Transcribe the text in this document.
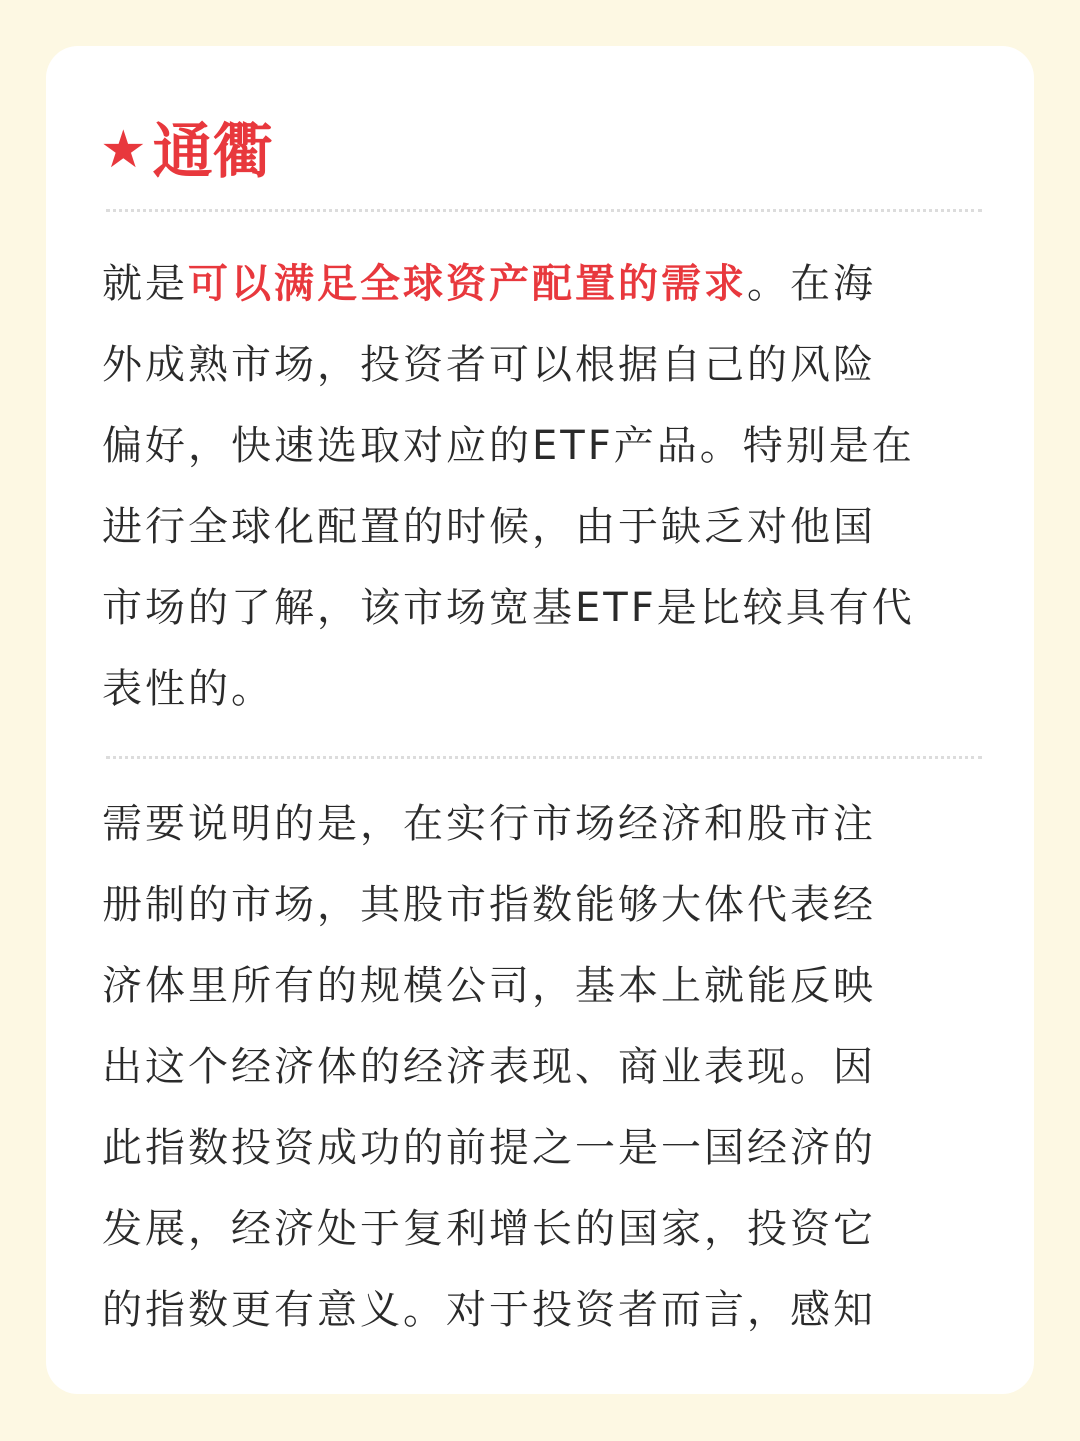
★ 通衢
就是可以满足全球资产配置的需求。在海
外成熟市场，投资者可以根据自己的风险
偏好，快速选取对应的ETF产品。特别是在
进行全球化配置的时候，由于缺乏对他国
市场的了解，该市场宽基ETF是比较具有代
表性的。
需要说明的是，在实行市场经济和股市注
册制的市场，其股市指数能够大体代表经
济体里所有的规模公司，基本上就能反映
出这个经济体的经济表现、商业表现。因
此指数投资成功的前提之一是一国经济的
发展，经济处于复利增长的国家，投资它
的指数更有意义。对于投资者而言，感知
